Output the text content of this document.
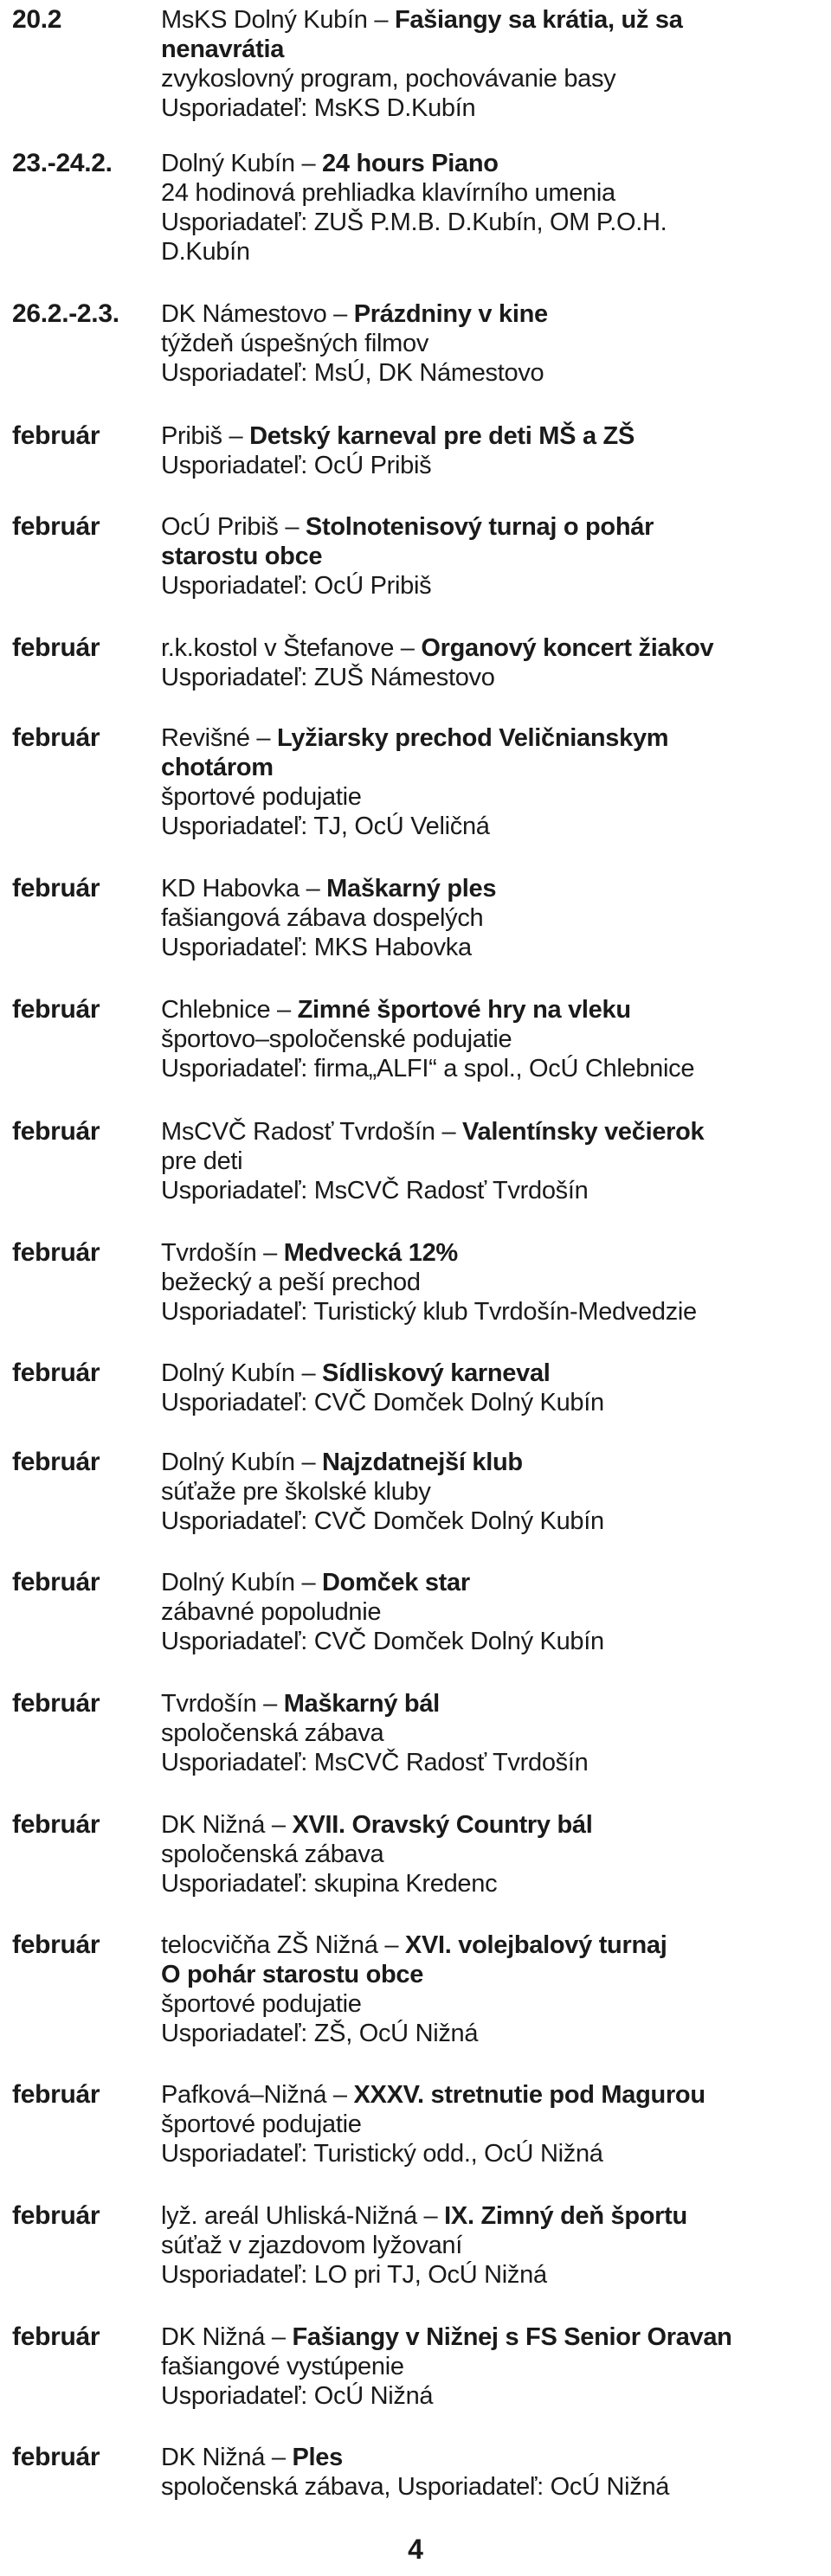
20.2	MsKS Dolný Kubín – Fašiangy sa krátia, už sa
nenavrátia
zvykoslovný program, pochovávanie basy
Usporiadateľ: MsKS D.Kubín
23.-24.2.	Dolný Kubín – 24 hours Piano
24 hodinová prehliadka klavírního umenia
Usporiadateľ: ZUŠ P.M.B. D.Kubín, OM P.O.H.
D.Kubín
26.2.-2.3.	DK Námestovo – Prázdniny v kine
týždeň úspešných filmov
Usporiadateľ: MsÚ, DK Námestovo
február	Pribiš – Detský karneval pre deti MŠ a ZŠ
Usporiadateľ: OcÚ Pribiš
február	OcÚ Pribiš – Stolnotenisový turnaj o pohár
starostu obce
Usporiadateľ: OcÚ Pribiš
február	r.k.kostol v Štefanove – Organový koncert žiakov
Usporiadateľ: ZUŠ Námestovo
február	Revišné – Lyžiarsky prechod Veličnianskym
chotárom
športové podujatie
Usporiadateľ: TJ, OcÚ Veličná
február	KD Habovka – Maškarný ples
fašiangová zábava dospelých
Usporiadateľ: MKS Habovka
február	Chlebnice – Zimné športové hry na vleku
športovo–spoločenské podujatie
Usporiadateľ: firma„ALFI“ a spol., OcÚ Chlebnice
február	MsCVČ Radosť Tvrdošín – Valentínsky večierok
pre deti
Usporiadateľ: MsCVČ Radosť Tvrdošín
február	Tvrdošín – Medvecká 12%
bežecký a peší prechod
Usporiadateľ: Turistický klub Tvrdošín-Medvedzie
február	Dolný Kubín – Sídliskový karneval
Usporiadateľ: CVČ Domček Dolný Kubín
február	Dolný Kubín – Najzdatnejší klub
súťaže pre školské kluby
Usporiadateľ: CVČ Domček Dolný Kubín
február	Dolný Kubín – Domček star
zábavné popoludnie
Usporiadateľ: CVČ Domček Dolný Kubín
február	Tvrdošín – Maškarný bál
spoločenská zábava
Usporiadateľ: MsCVČ Radosť Tvrdošín
február	DK Nižná – XVII. Oravský Country bál
spoločenská zábava
Usporiadateľ: skupina Kredenc
február	telocvičňa ZŠ Nižná – XVI. volejbalový turnaj
O pohár starostu obce
športové podujatie
Usporiadateľ: ZŠ, OcÚ Nižná
február	Pafková–Nižná – XXXV. stretnutie pod Magurou
športové podujatie
Usporiadateľ: Turistický odd., OcÚ Nižná
február	lyž. areál Uhliská-Nižná – IX. Zimný deň športu
súťaž v zjazdovom lyžovaní
Usporiadateľ: LO pri TJ, OcÚ Nižná
február	DK Nižná – Fašiangy v Nižnej s FS Senior Oravan
fašiangové vystúpenie
Usporiadateľ: OcÚ Nižná
február	DK Nižná – Ples
spoločenská zábava, Usporiadateľ: OcÚ Nižná
4
